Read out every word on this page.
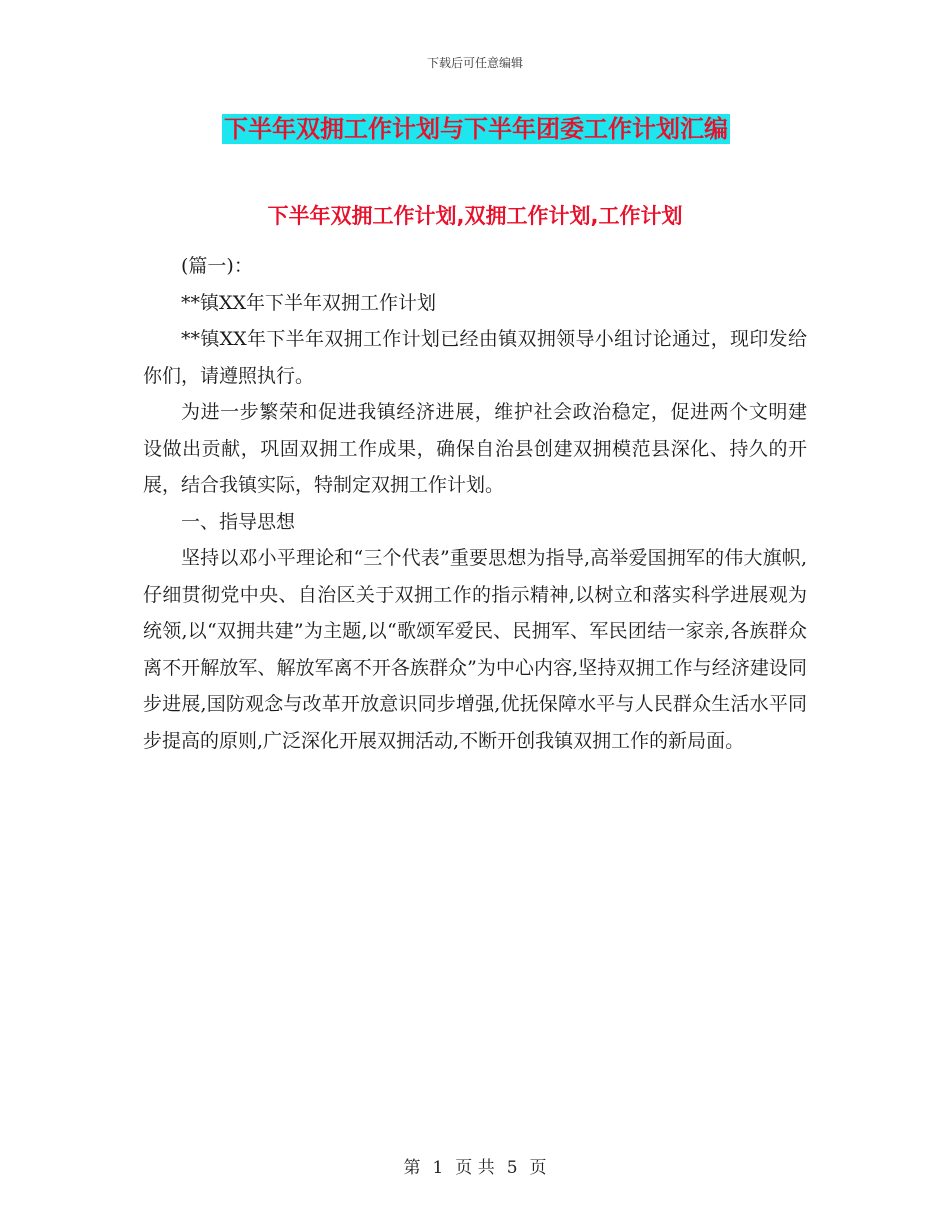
下载后可任意编辑
下半年双拥工作计划与下半年团委工作计划汇编
下半年双拥工作计划,双拥工作计划,工作计划

(篇一)：

**镇XX年下半年双拥工作计划

**镇XX年下半年双拥工作计划已经由镇双拥领导小组讨论通过，现印发给你们，请遵照执行。

为进一步繁荣和促进我镇经济进展，维护社会政治稳定，促进两个文明建设做出贡献，巩固双拥工作成果，确保自治县创建双拥模范县深化、持久的开展，结合我镇实际，特制定双拥工作计划。

一、指导思想

坚持以邓小平理论和“三个代表”重要思想为指导,高举爱国拥军的伟大旗帜,仔细贯彻党中央、自治区关于双拥工作的指示精神,以树立和落实科学进展观为统领,以“双拥共建”为主题,以“歌颂军爱民、民拥军、军民团结一家亲,各族群众离不开解放军、解放军离不开各族群众”为中心内容,坚持双拥工作与经济建设同步进展,国防观念与改革开放意识同步增强,优抚保障水平与人民群众生活水平同步提高的原则,广泛深化开展双拥活动,不断开创我镇双拥工作的新局面。

第 1 页 共 5 页
